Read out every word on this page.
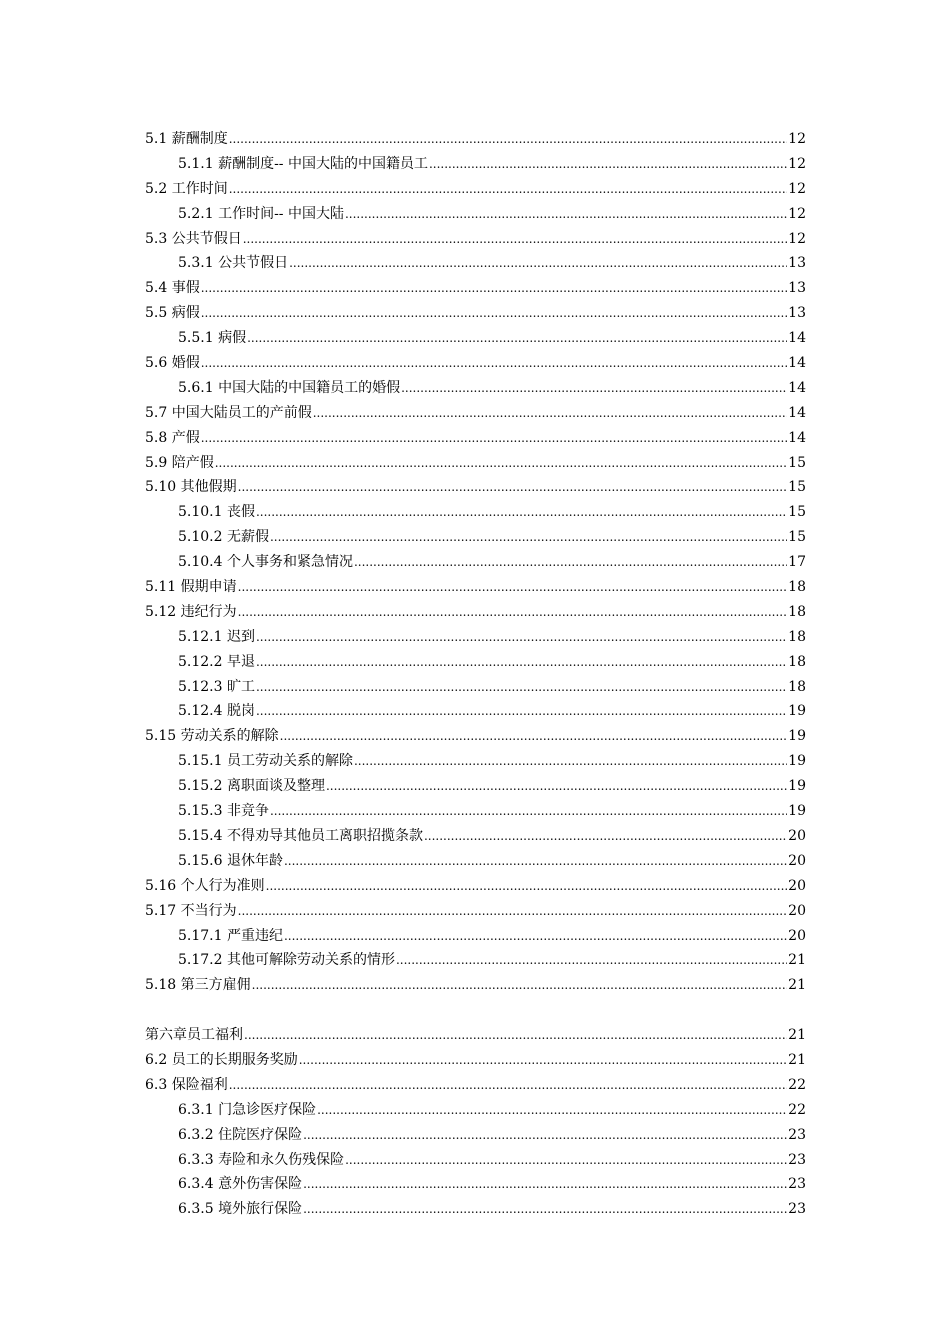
5.1 薪酬制度 .....	12
5.1.1 薪酬制度-- 中国大陆的中国籍员工 .....	12
5.2 工作时间 .....	12
5.2.1 工作时间-- 中国大陆 .....	12
5.3 公共节假日 .....	12
5.3.1 公共节假日 .....	13
5.4 事假 .....	13
5.5 病假 .....	13
5.5.1 病假 .....	14
5.6 婚假 .....	14
5.6.1 中国大陆的中国籍员工的婚假 .....	14
5.7 中国大陆员工的产前假 .....	14
5.8 产假 .....	14
5.9 陪产假 .....	15
5.10 其他假期 .....	15
5.10.1 丧假 .....	15
5.10.2 无薪假 .....	15
5.10.4 个人事务和紧急情况 .....	17
5.11 假期申请 .....	18
5.12 违纪行为 .....	18
5.12.1 迟到 .....	18
5.12.2 早退 .....	18
5.12.3 旷工 .....	18
5.12.4 脱岗 .....	19
5.15 劳动关系的解除 .....	19
5.15.1 员工劳动关系的解除 .....	19
5.15.2 离职面谈及整理 .....	19
5.15.3 非竞争 .....	19
5.15.4 不得劝导其他员工离职招揽条款 .....	20
5.15.6 退休年龄 .....	20
5.16 个人行为准则 .....	20
5.17 不当行为 .....	20
5.17.1 严重违纪 .....	20
5.17.2 其他可解除劳动关系的情形 .....	21
5.18 第三方雇佣 .....	21
第六章员工福利 .....	21
6.2 员工的长期服务奖励 .....	21
6.3 保险福利 .....	22
6.3.1 门急诊医疗保险 .....	22
6.3.2 住院医疗保险 .....	23
6.3.3 寿险和永久伤残保险 .....	23
6.3.4 意外伤害保险 .....	23
6.3.5 境外旅行保险 .....	23
